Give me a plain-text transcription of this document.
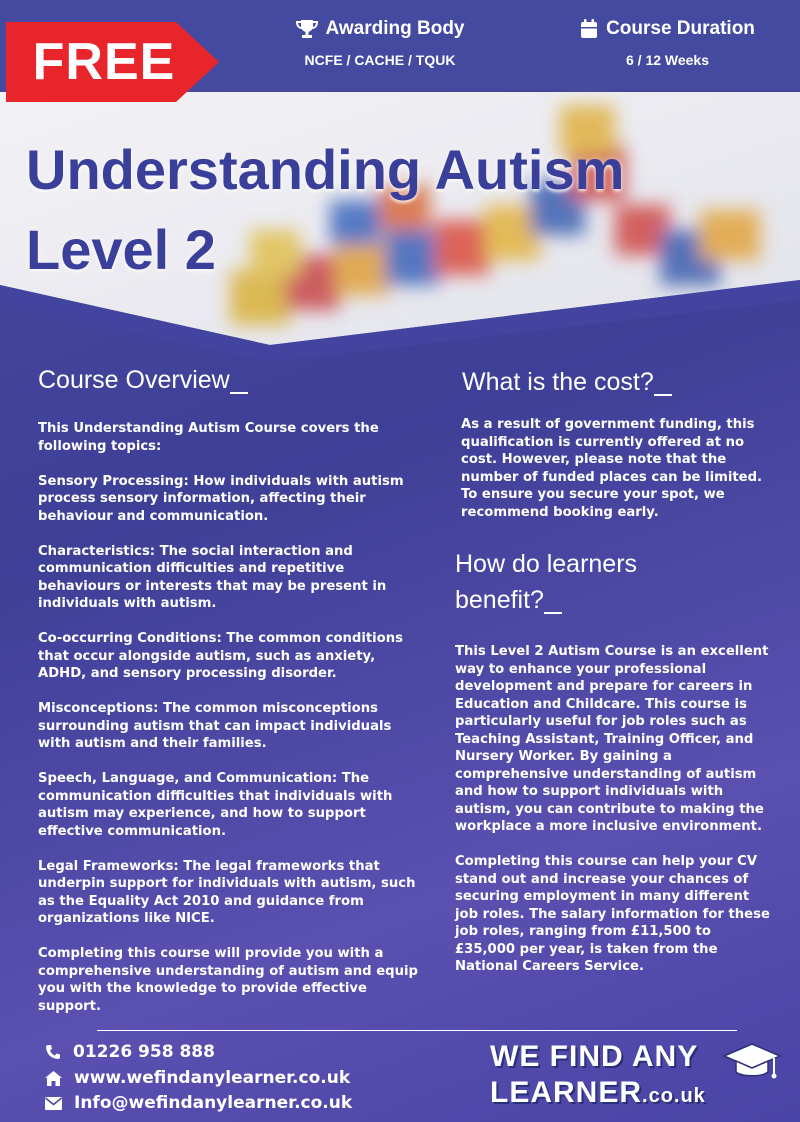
FREE
Awarding Body
NCFE / CACHE / TQUK
Course Duration
6 / 12 Weeks
Understanding Autism
Level 2
Course Overview

This Understanding Autism Course covers the following topics:

Sensory Processing: How individuals with autism process sensory information, affecting their behaviour and communication.

Characteristics: The social interaction and communication difficulties and repetitive behaviours or interests that may be present in individuals with autism.

Co-occurring Conditions: The common conditions that occur alongside autism, such as anxiety, ADHD, and sensory processing disorder.

Misconceptions: The common misconceptions surrounding autism that can impact individuals with autism and their families.

Speech, Language, and Communication: The communication difficulties that individuals with autism may experience, and how to support effective communication.

Legal Frameworks: The legal frameworks that underpin support for individuals with autism, such as the Equality Act 2010 and guidance from organizations like NICE.

Completing this course will provide you with a comprehensive understanding of autism and equip you with the knowledge to provide effective support.

What is the cost?

As a result of government funding, this qualification is currently offered at no cost. However, please note that the number of funded places can be limited. To ensure you secure your spot, we recommend booking early.

How do learners
benefit?

This Level 2 Autism Course is an excellent way to enhance your professional development and prepare for careers in Education and Childcare. This course is particularly useful for job roles such as Teaching Assistant, Training Officer, and Nursery Worker. By gaining a comprehensive understanding of autism and how to support individuals with autism, you can contribute to making the workplace a more inclusive environment.

Completing this course can help your CV stand out and increase your chances of securing employment in many different job roles. The salary information for these job roles, ranging from £11,500 to £35,000 per year, is taken from the National Careers Service.

01226 958 888
www.wefindanylearner.co.uk
Info@wefindanylearner.co.uk
WE FIND ANY
LEARNER.co.uk
